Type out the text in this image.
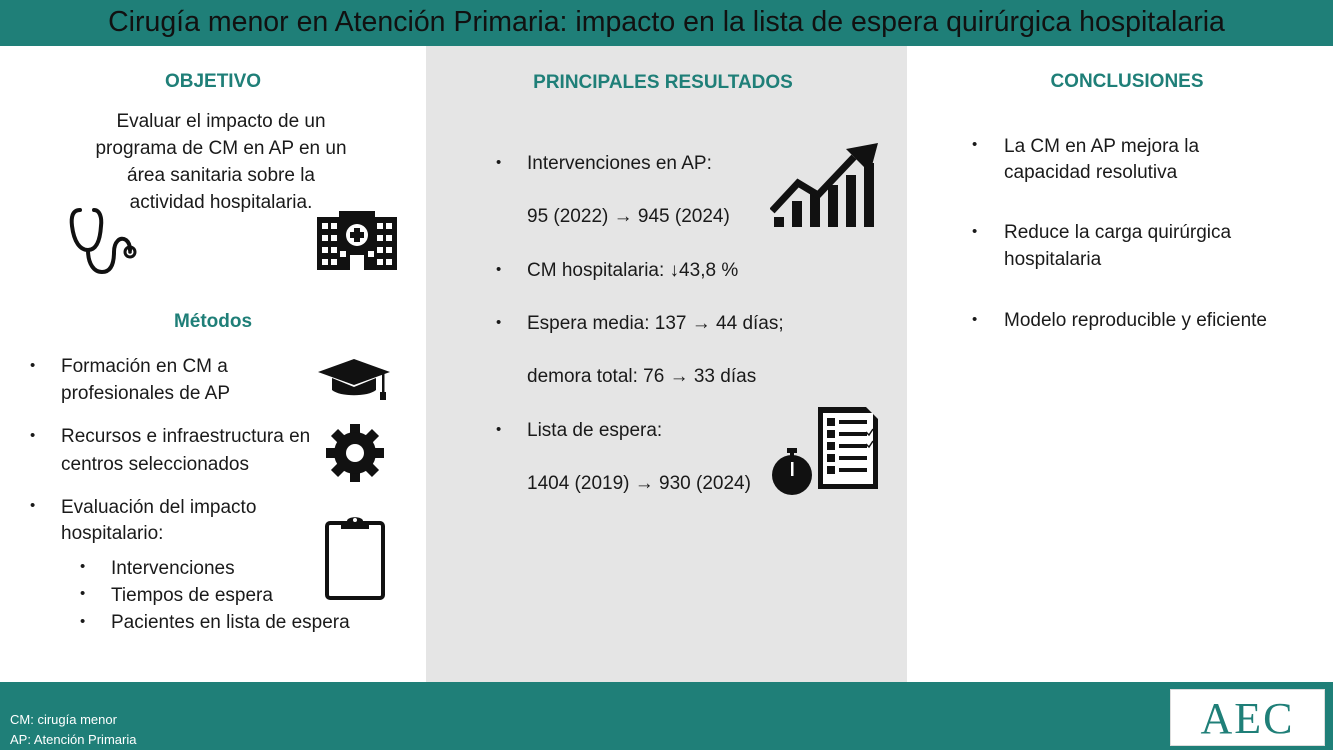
Cirugía menor en Atención Primaria: impacto en la lista de espera quirúrgica hospitalaria
OBJETIVO
Evaluar el impacto de un
programa de CM en AP en un
área sanitaria sobre la
actividad hospitalaria.
Métodos
• Formación en CM a
profesionales de AP
• Recursos e infraestructura en
centros seleccionados
• Evaluación del impacto
hospitalario:
• Intervenciones
• Tiempos de espera
• Pacientes en lista de espera
PRINCIPALES RESULTADOS
• Intervenciones en AP:
95 (2022) → 945 (2024)
• CM hospitalaria: ↓43,8 %
• Espera media: 137 → 44 días;
demora total: 76 → 33 días
• Lista de espera:
1404 (2019) → 930 (2024)
CONCLUSIONES
• La CM en AP mejora la
capacidad resolutiva
• Reduce la carga quirúrgica
hospitalaria
• Modelo reproducible y eficiente
CM: cirugía menor
AP: Atención Primaria	AEC
